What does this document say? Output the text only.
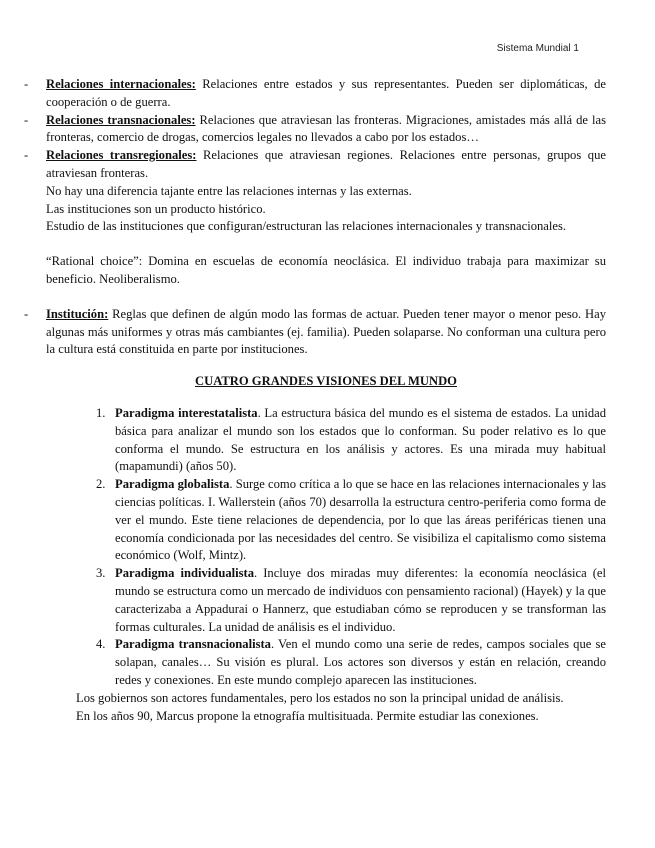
Sistema Mundial 1
- Relaciones internacionales: Relaciones entre estados y sus representantes. Pueden ser diplomáticas, de cooperación o de guerra.
- Relaciones transnacionales: Relaciones que atraviesan las fronteras. Migraciones, amistades más allá de las fronteras, comercio de drogas, comercios legales no llevados a cabo por los estados…
- Relaciones transregionales: Relaciones que atraviesan regiones. Relaciones entre personas, grupos que atraviesan fronteras.

No hay una diferencia tajante entre las relaciones internas y las externas.

Las instituciones son un producto histórico.

Estudio de las instituciones que configuran/estructuran las relaciones internacionales y transnacionales.

“Rational choice”: Domina en escuelas de economía neoclásica. El individuo trabaja para maximizar su beneficio. Neoliberalismo.

- Institución: Reglas que definen de algún modo las formas de actuar. Pueden tener mayor o menor peso. Hay algunas más uniformes y otras más cambiantes (ej. familia). Pueden solaparse. No conforman una cultura pero la cultura está constituida en parte por instituciones.

CUATRO GRANDES VISIONES DEL MUNDO

1. Paradigma interestatalista. La estructura básica del mundo es el sistema de estados. La unidad básica para analizar el mundo son los estados que lo conforman. Su poder relativo es lo que conforma el mundo. Se estructura en los análisis y actores. Es una mirada muy habitual (mapamundi) (años 50).
2. Paradigma globalista. Surge como crítica a lo que se hace en las relaciones internacionales y las ciencias políticas. I. Wallerstein (años 70) desarrolla la estructura centro-periferia como forma de ver el mundo. Este tiene relaciones de dependencia, por lo que las áreas periféricas tienen una economía condicionada por las necesidades del centro. Se visibiliza el capitalismo como sistema económico (Wolf, Mintz).
3. Paradigma individualista. Incluye dos miradas muy diferentes: la economía neoclásica (el mundo se estructura como un mercado de individuos con pensamiento racional) (Hayek) y la que caracterizaba a Appadurai o Hannerz, que estudiaban cómo se reproducen y se transforman las formas culturales. La unidad de análisis es el individuo.
4. Paradigma transnacionalista. Ven el mundo como una serie de redes, campos sociales que se solapan, canales… Su visión es plural. Los actores son diversos y están en relación, creando redes y conexiones. En este mundo complejo aparecen las instituciones.

Los gobiernos son actores fundamentales, pero los estados no son la principal unidad de análisis.

En los años 90, Marcus propone la etnografía multisituada. Permite estudiar las conexiones.
